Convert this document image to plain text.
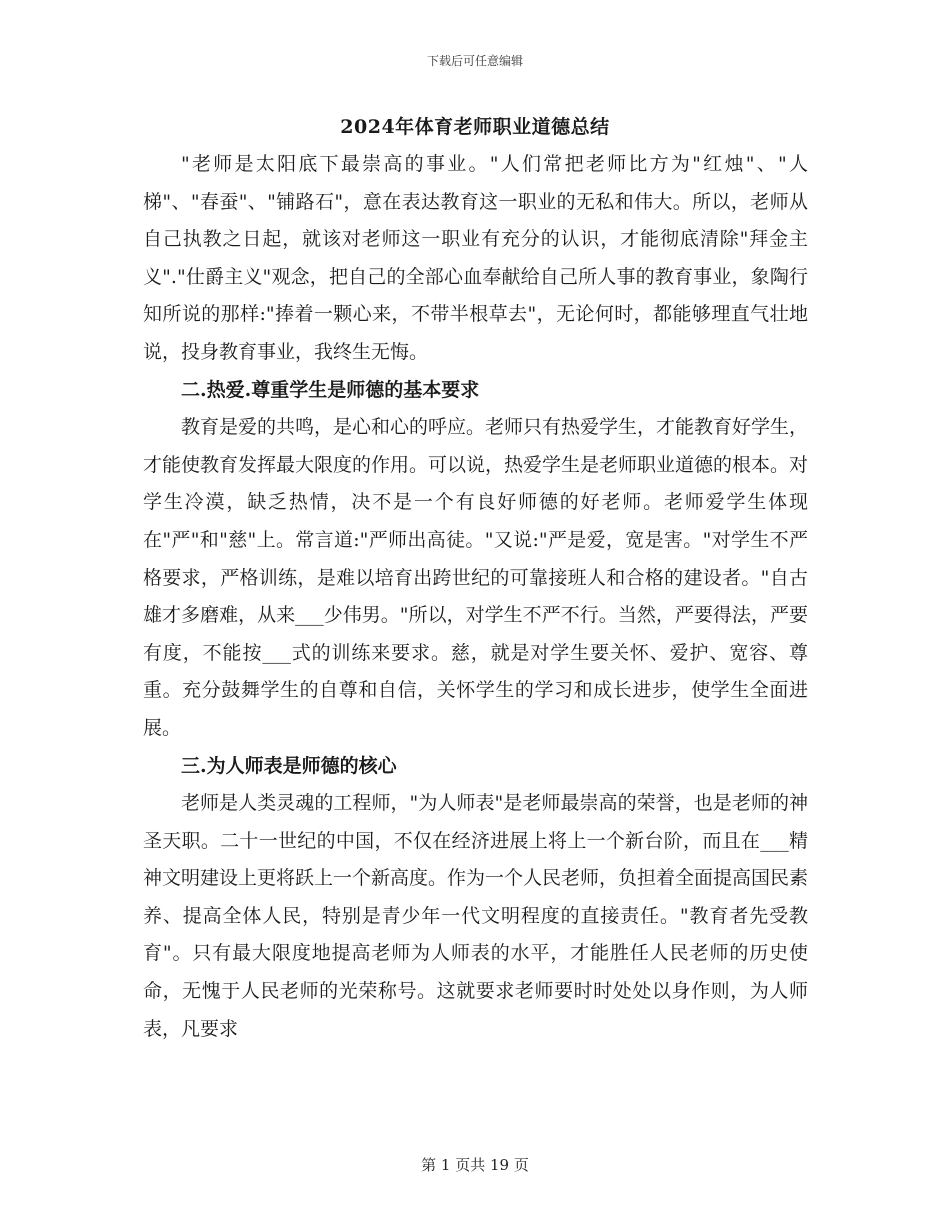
下载后可任意编辑
2024年体育老师职业道德总结

"老师是太阳底下最崇高的事业。"人们常把老师比方为"红烛"、"人梯"、"春蚕"、"铺路石"，意在表达教育这一职业的无私和伟大。所以，老师从自己执教之日起，就该对老师这一职业有充分的认识，才能彻底清除"拜金主义"."仕爵主义"观念，把自己的全部心血奉献给自己所人事的教育事业，象陶行知所说的那样:"捧着一颗心来，不带半根草去"，无论何时，都能够理直气壮地说，投身教育事业，我终生无悔。

二.热爱.尊重学生是师德的基本要求

教育是爱的共鸣，是心和心的呼应。老师只有热爱学生，才能教育好学生，才能使教育发挥最大限度的作用。可以说，热爱学生是老师职业道德的根本。对学生冷漠，缺乏热情，决不是一个有良好师德的好老师。老师爱学生体现在"严"和"慈"上。常言道:"严师出高徒。"又说:"严是爱，宽是害。"对学生不严格要求，严格训练，是难以培育出跨世纪的可靠接班人和合格的建设者。"自古雄才多磨难，从来___少伟男。"所以，对学生不严不行。当然，严要得法，严要有度，不能按___式的训练来要求。慈，就是对学生要关怀、爱护、宽容、尊重。充分鼓舞学生的自尊和自信，关怀学生的学习和成长进步，使学生全面进展。

三.为人师表是师德的核心

老师是人类灵魂的工程师，"为人师表"是老师最崇高的荣誉，也是老师的神圣天职。二十一世纪的中国，不仅在经济进展上将上一个新台阶，而且在___精神文明建设上更将跃上一个新高度。作为一个人民老师，负担着全面提高国民素养、提高全体人民，特别是青少年一代文明程度的直接责任。"教育者先受教育"。只有最大限度地提高老师为人师表的水平，才能胜任人民老师的历史使命，无愧于人民老师的光荣称号。这就要求老师要时时处处以身作则，为人师表，凡要求

第 1 页共 19 页
